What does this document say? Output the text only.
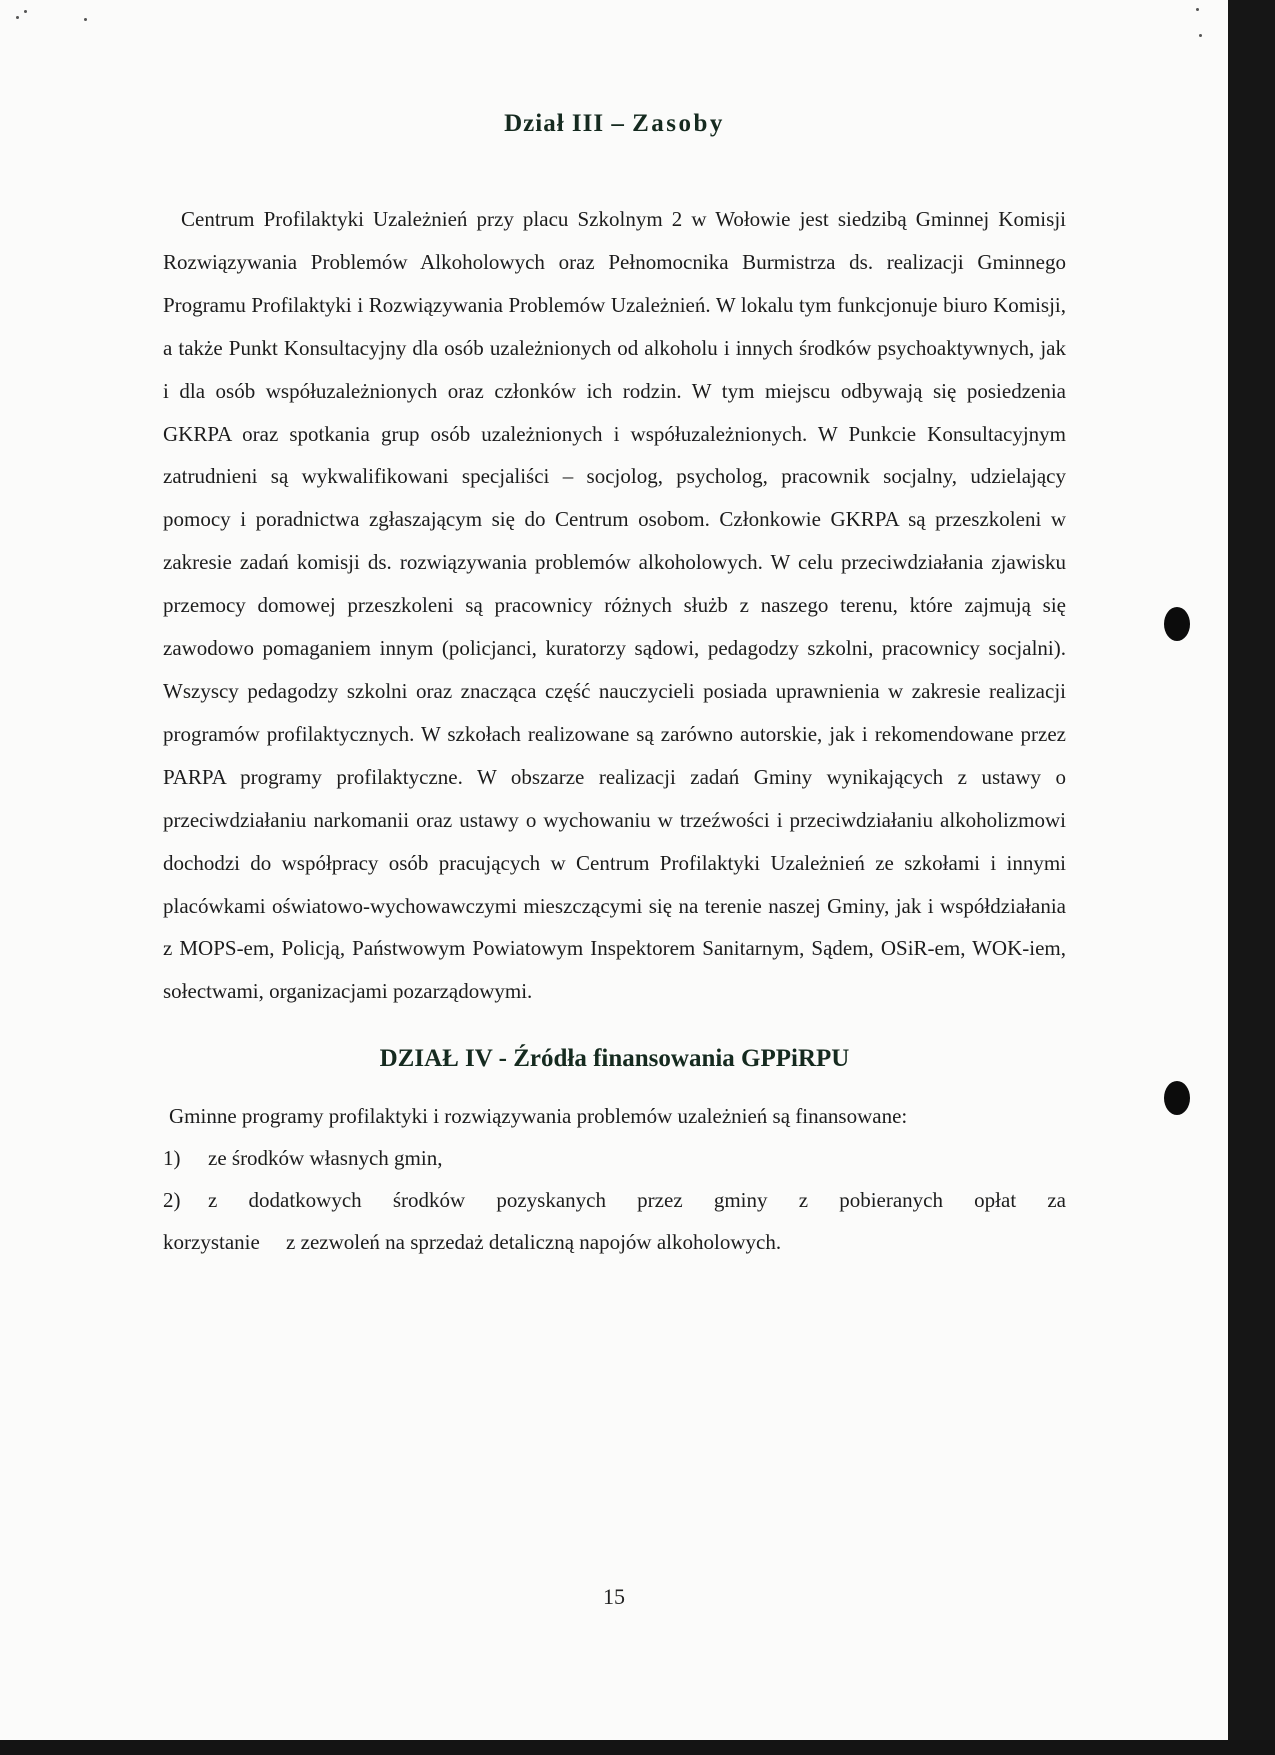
Dział III – Zasoby

Centrum Profilaktyki Uzależnień przy placu Szkolnym 2 w Wołowie jest siedzibą Gminnej Komisji Rozwiązywania Problemów Alkoholowych oraz Pełnomocnika Burmistrza ds. realizacji Gminnego Programu Profilaktyki i Rozwiązywania Problemów Uzależnień. W lokalu tym funkcjonuje biuro Komisji, a także Punkt Konsultacyjny dla osób uzależnionych od alkoholu i innych środków psychoaktywnych, jak i dla osób współuzależnionych oraz członków ich rodzin. W tym miejscu odbywają się posiedzenia GKRPA oraz spotkania grup osób uzależnionych i współuzależnionych. W Punkcie Konsultacyjnym zatrudnieni są wykwalifikowani specjaliści – socjolog, psycholog, pracownik socjalny, udzielający pomocy i poradnictwa zgłaszającym się do Centrum osobom. Członkowie GKRPA są przeszkoleni w zakresie zadań komisji ds. rozwiązywania problemów alkoholowych. W celu przeciwdziałania zjawisku przemocy domowej przeszkoleni są pracownicy różnych służb z naszego terenu, które zajmują się zawodowo pomaganiem innym (policjanci, kuratorzy sądowi, pedagodzy szkolni, pracownicy socjalni). Wszyscy pedagodzy szkolni oraz znacząca część nauczycieli posiada uprawnienia w zakresie realizacji programów profilaktycznych. W szkołach realizowane są zarówno autorskie, jak i rekomendowane przez PARPA programy profilaktyczne. W obszarze realizacji zadań Gminy wynikających z ustawy o przeciwdziałaniu narkomanii oraz ustawy o wychowaniu w trzeźwości i przeciwdziałaniu alkoholizmowi dochodzi do współpracy osób pracujących w Centrum Profilaktyki Uzależnień ze szkołami i innymi placówkami oświatowo-wychowawczymi mieszczącymi się na terenie naszej Gminy, jak i współdziałania z MOPS-em, Policją, Państwowym Powiatowym Inspektorem Sanitarnym, Sądem, OSiR-em, WOK-iem, sołectwami, organizacjami pozarządowymi.

DZIAŁ IV - Źródła finansowania GPPiRPU

Gminne programy profilaktyki i rozwiązywania problemów uzależnień są finansowane:

1)	ze środków własnych gmin,
2)	z dodatkowych środków pozyskanych przez gminy z pobieranych opłat za
korzystanie     z zezwoleń na sprzedaż detaliczną napojów alkoholowych.
15
